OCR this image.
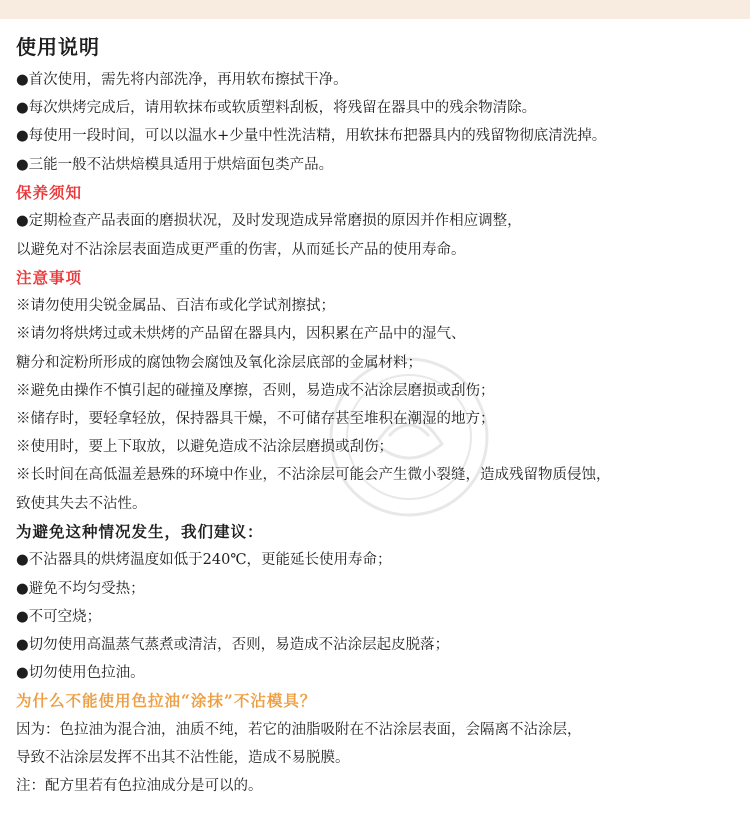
使用说明
●首次使用，需先将内部洗净，再用软布擦拭干净。
●每次烘烤完成后，请用软抹布或软质塑料刮板，将残留在器具中的残余物清除。
●每使用一段时间，可以以温水+少量中性洗洁精，用软抹布把器具内的残留物彻底清洗掉。
●三能一般不沾烘焙模具适用于烘焙面包类产品。
保养须知
●定期检查产品表面的磨损状况，及时发现造成异常磨损的原因并作相应调整，
以避免对不沾涂层表面造成更严重的伤害，从而延长产品的使用寿命。
注意事项
※请勿使用尖锐金属品、百洁布或化学试剂擦拭；
※请勿将烘烤过或未烘烤的产品留在器具内，因积累在产品中的湿气、
糖分和淀粉所形成的腐蚀物会腐蚀及氧化涂层底部的金属材料；
※避免由操作不慎引起的碰撞及摩擦，否则，易造成不沾涂层磨损或刮伤；
※储存时，要轻拿轻放，保持器具干燥，不可储存甚至堆积在潮湿的地方；
※使用时，要上下取放，以避免造成不沾涂层磨损或刮伤；
※长时间在高低温差悬殊的环境中作业，不沾涂层可能会产生微小裂缝，造成残留物质侵蚀，
致使其失去不沾性。
为避免这种情况发生，我们建议：
●不沾器具的烘烤温度如低于240℃，更能延长使用寿命；
●避免不均匀受热；
●不可空烧；
●切勿使用高温蒸气蒸煮或清洁，否则，易造成不沾涂层起皮脱落；
●切勿使用色拉油。
为什么不能使用色拉油“涂抹”不沾模具？
因为：色拉油为混合油，油质不纯，若它的油脂吸附在不沾涂层表面，会隔离不沾涂层，
导致不沾涂层发挥不出其不沾性能，造成不易脱膜。
注：配方里若有色拉油成分是可以的。
